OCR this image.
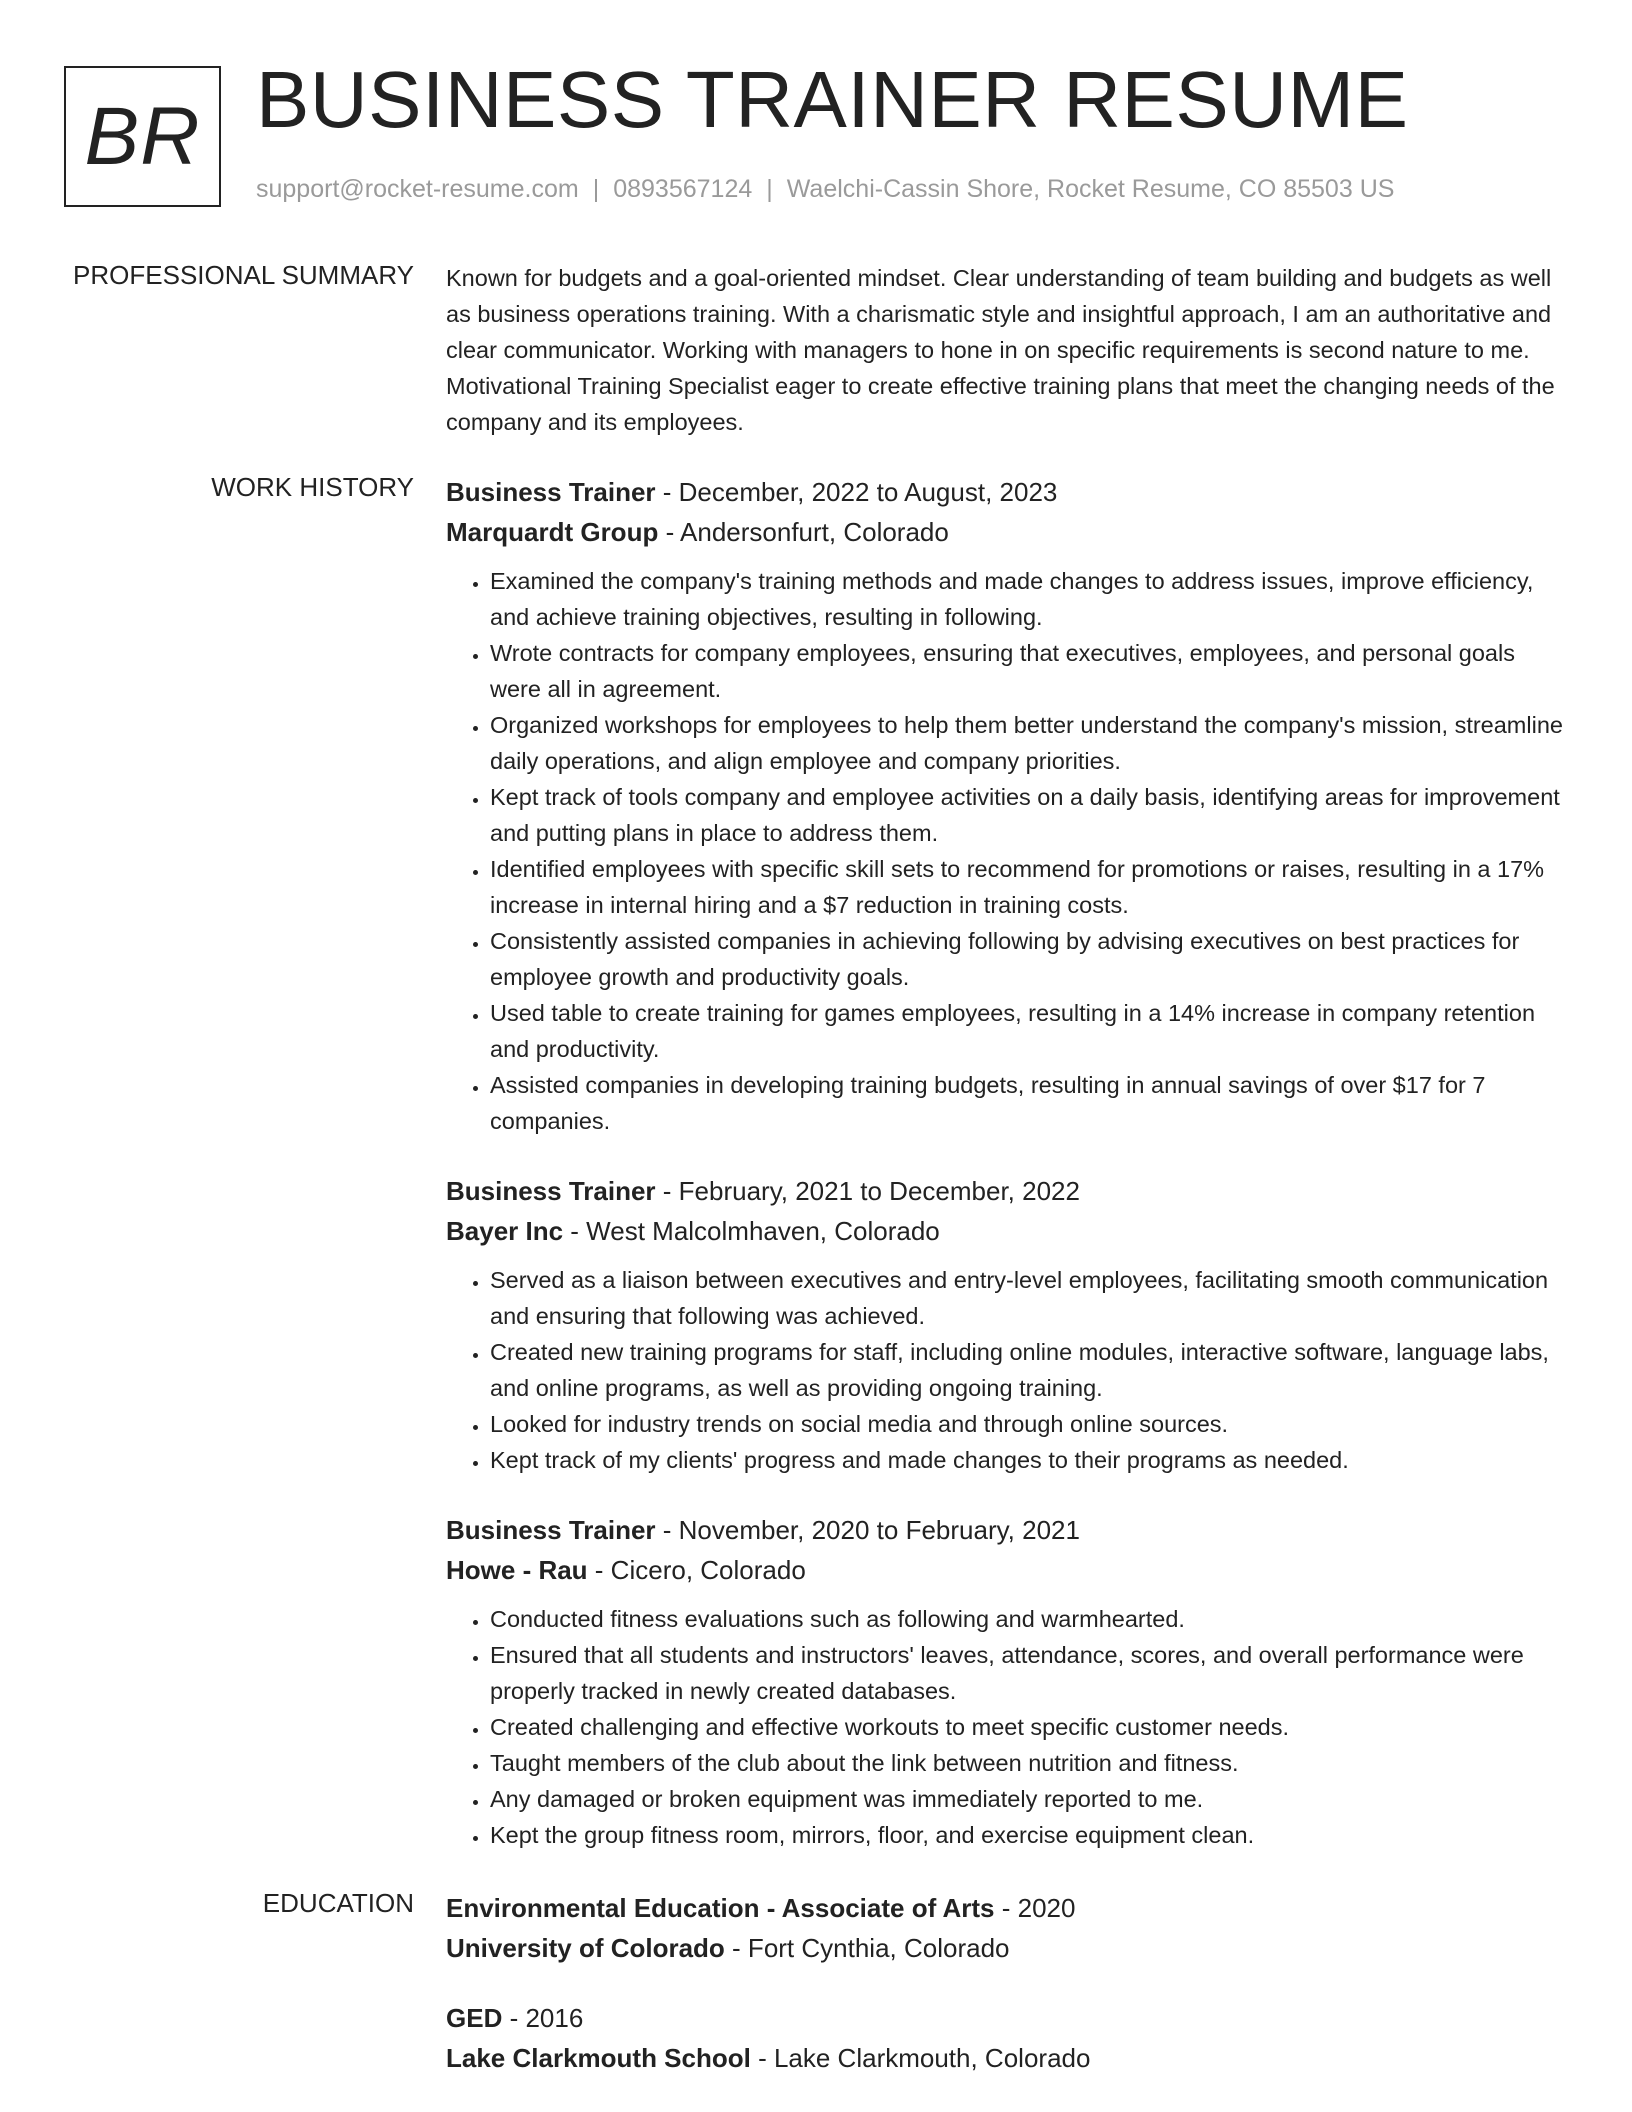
BR BUSINESS TRAINER RESUME
support@rocket-resume.com | 0893567124 | Waelchi-Cassin Shore, Rocket Resume, CO 85503 US
PROFESSIONAL SUMMARY Known for budgets and a goal-oriented mindset. Clear understanding of team building and budgets as well as business operations training. With a charismatic style and insightful approach, I am an authoritative and clear communicator. Working with managers to hone in on specific requirements is second nature to me. Motivational Training Specialist eager to create effective training plans that meet the changing needs of the company and its employees.

WORK HISTORY Business Trainer - December, 2022 to August, 2023
Marquardt Group - Andersonfurt, Colorado
• Examined the company's training methods and made changes to address issues, improve efficiency, and achieve training objectives, resulting in following.
• Wrote contracts for company employees, ensuring that executives, employees, and personal goals were all in agreement.
• Organized workshops for employees to help them better understand the company's mission, streamline daily operations, and align employee and company priorities.
• Kept track of tools company and employee activities on a daily basis, identifying areas for improvement and putting plans in place to address them.
• Identified employees with specific skill sets to recommend for promotions or raises, resulting in a 17% increase in internal hiring and a $7 reduction in training costs.
• Consistently assisted companies in achieving following by advising executives on best practices for employee growth and productivity goals.
• Used table to create training for games employees, resulting in a 14% increase in company retention and productivity.
• Assisted companies in developing training budgets, resulting in annual savings of over $17 for 7 companies.
Business Trainer - February, 2021 to December, 2022
Bayer Inc - West Malcolmhaven, Colorado
• Served as a liaison between executives and entry-level employees, facilitating smooth communication and ensuring that following was achieved.
• Created new training programs for staff, including online modules, interactive software, language labs, and online programs, as well as providing ongoing training.
• Looked for industry trends on social media and through online sources.
• Kept track of my clients' progress and made changes to their programs as needed.
Business Trainer - November, 2020 to February, 2021
Howe - Rau - Cicero, Colorado
• Conducted fitness evaluations such as following and warmhearted.
• Ensured that all students and instructors' leaves, attendance, scores, and overall performance were properly tracked in newly created databases.
• Created challenging and effective workouts to meet specific customer needs.
• Taught members of the club about the link between nutrition and fitness.
• Any damaged or broken equipment was immediately reported to me.
• Kept the group fitness room, mirrors, floor, and exercise equipment clean.
EDUCATION Environmental Education - Associate of Arts - 2020
University of Colorado - Fort Cynthia, Colorado
GED - 2016
Lake Clarkmouth School - Lake Clarkmouth, Colorado
